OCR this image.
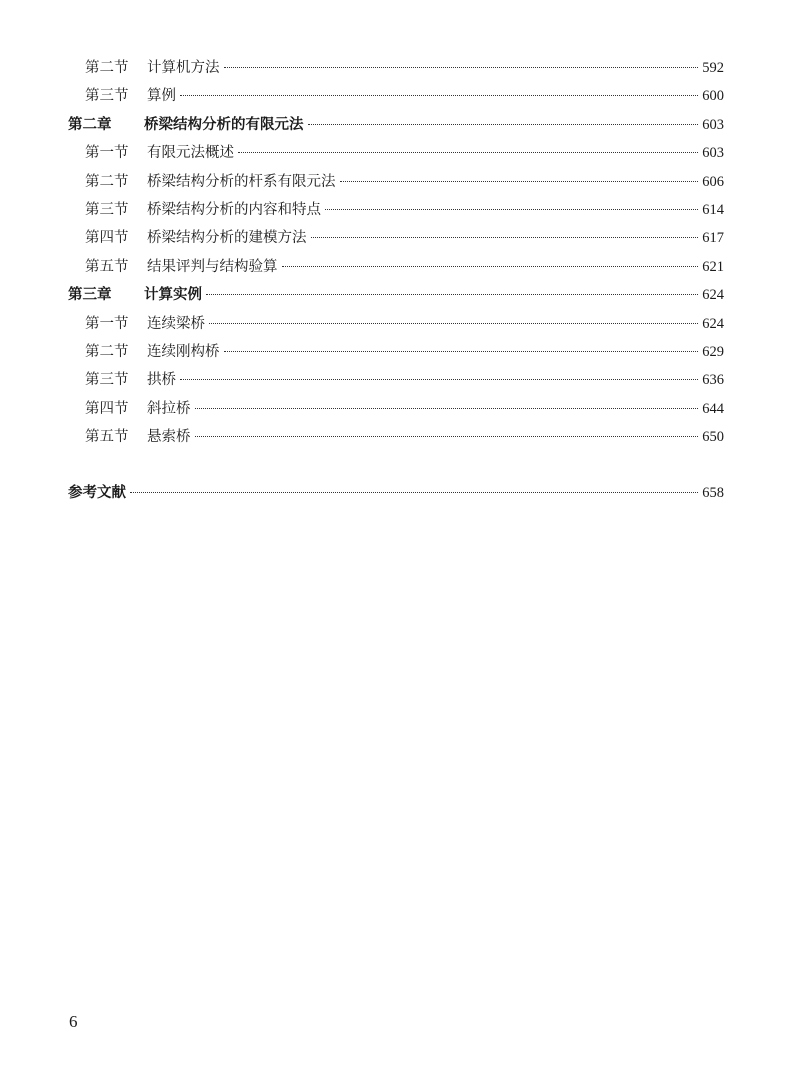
第二节	计算机方法	592
第三节	算例	600
第二章	桥梁结构分析的有限元法	603
第一节	有限元法概述	603
第二节	桥梁结构分析的杆系有限元法	606
第三节	桥梁结构分析的内容和特点	614
第四节	桥梁结构分析的建模方法	617
第五节	结果评判与结构验算	621
第三章	计算实例	624
第一节	连续梁桥	624
第二节	连续刚构桥	629
第三节	拱桥	636
第四节	斜拉桥	644
第五节	悬索桥	650
参考文献	658
6
